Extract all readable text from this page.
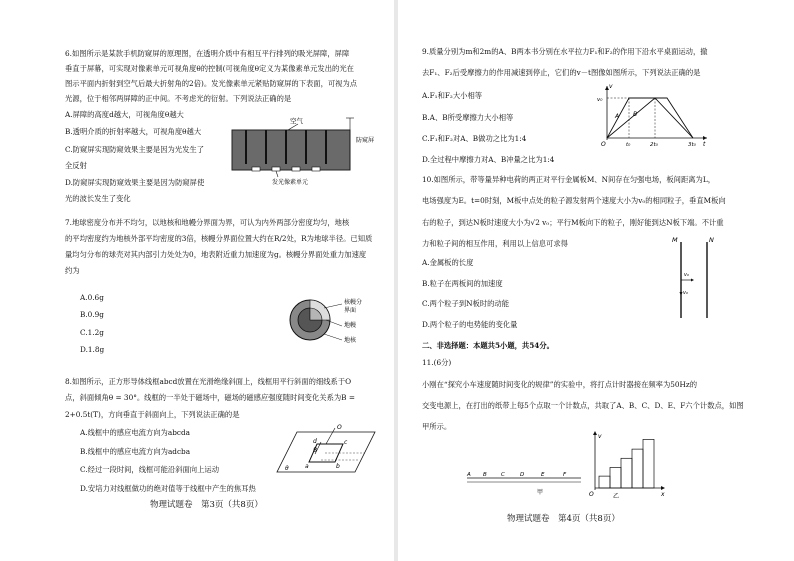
6.如图所示是某款手机防窥屏的原理图，在透明介质中有相互平行排列的吸光屏障，屏障
垂直于屏幕，可实现对像素单元可视角度θ的控制(可视角度θ定义为某像素单元发出的光在
图示平面内折射到空气后最大折射角的2倍)。发光像素单元紧贴防窥屏的下表面，可视为点
光源，位于相邻两屏障的正中间。不考虑光的衍射。下列说法正确的是
A.屏障的高度d越大，可视角度θ越大
B.透明介质的折射率越大，可视角度θ越大
C.防窥屏实现防窥效果主要是因为光发生了
全反射
D.防窥屏实现防窥效果主要是因为防窥屏使
光的波长发生了变化
空气
防窥屏
发光像素单元
7.地球密度分布并不均匀，以地核和地幔分界面为界，可认为内外两部分密度均匀，地核
的平均密度约为地核外部平均密度的3倍，核幔分界面位置大约在R/2处，R为地球半径。已知质
量均匀分布的球壳对其内部引力处处为0，地表附近重力加速度为g。核幔分界面处重力加速度
约为
A.0.6g
B.0.9g
C.1.2g
D.1.8g
核幔分
界面
地幔
地核
8.如图所示，正方形导体线框abcd放置在光滑绝缘斜面上，线框用平行斜面的细线系于O
点，斜面倾角θ = 30°。线框的一半处于磁场中，磁场的磁感应强度随时间变化关系为B =
2+0.5t(T)，方向垂直于斜面向上，下列说法正确的是
A.线框中的感应电流方向为abcda
B.线框中的感应电流方向为adcba
C.经过一段时间，线框可能沿斜面向上运动
D.安培力对线框做功的绝对值等于线框中产生的焦耳热
O
a	b
c
d
B
θ
物理试题卷　第3页（共8页）
9.质量分别为m和2m的A、B两本书分别在水平拉力F₁和F₂的作用下沿水平桌面运动，撤
去F₁、F₂后受摩擦力的作用减速到停止，它们的v－t图像如图所示，下列说法正确的是
A.F₁和F₂大小相等
B.A、B所受摩擦力大小相等
C.F₁和F₂对A、B做功之比为1:4
D.全过程中摩擦力对A、B冲量之比为1:4
v
v₀
O	t₀	2t₀	3t₀ t
A B
10.如图所示，带等量异种电荷的两正对平行金属板M、N间存在匀强电场，板间距离为L，
电场强度为E。t=0时刻，M板中点处的粒子源发射两个速度大小为v₀的相同粒子，垂直M板向
右的粒子，到达N板时速度大小为√2 v₀；平行M板向下的粒子，刚好能到达N板下端。不计重
力和粒子间的相互作用，利用以上信息可求得
A.金属板的长度
B.粒子在两板间的加速度
C.两个粒子到N板时的动能
D.两个粒子的电势能的变化量
M	N
v₀
v₀
二、非选择题：本题共5小题，共54分。
11.(6分)
小刚在“探究小车速度随时间变化的规律”的实验中，将打点计时器接在频率为50Hz的
交变电源上，在打出的纸带上每5个点取一个计数点，共取了A、B、C、D、E、F六个计数点，如图
甲所示。
A B	C	D	E	F
甲
v
O	x
乙
物理试题卷　第4页（共8页）
